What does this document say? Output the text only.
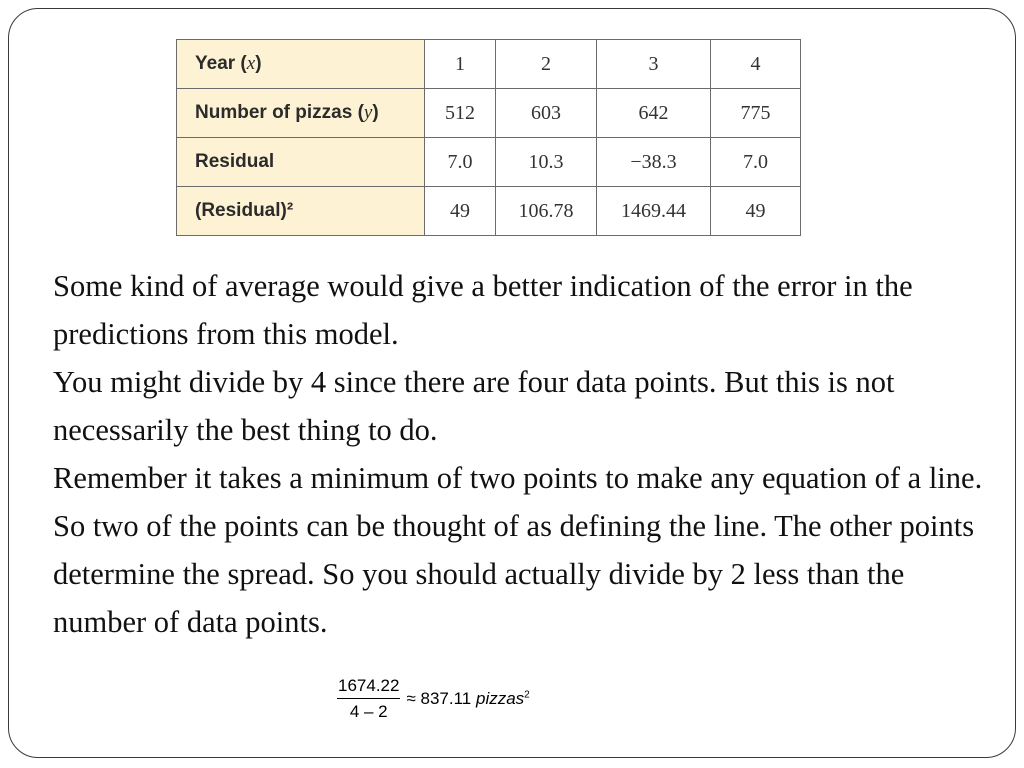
Year (x)	1	2	3	4
Number of pizzas (y)	512	603	642	775
Residual	7.0	10.3	−38.3	7.0
(Residual)²	49	106.78	1469.44	49

Some kind of average would give a better indication of the error in the predictions from this model.

You might divide by 4 since there are four data points. But this is not necessarily the best thing to do.

Remember it takes a minimum of two points to make any equation of a line. So two of the points can be thought of as defining the line. The other points determine the spread. So you should actually divide by 2 less than the number of data points.

$\frac{1674.22}{4 - 2} \approx 837.11$ pizzas$^2$
